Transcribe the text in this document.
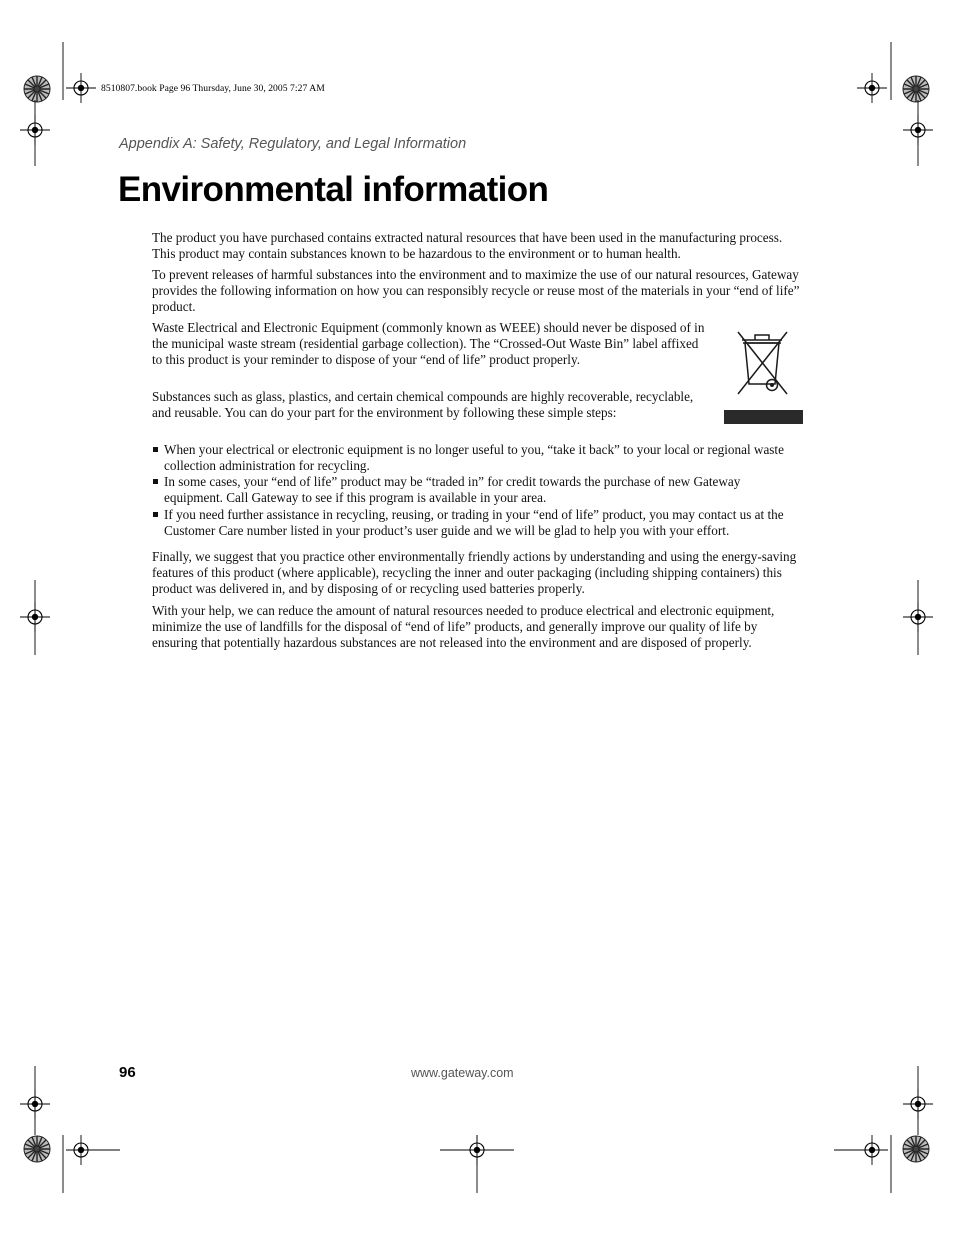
8510807.book Page 96 Thursday, June 30, 2005 7:27 AM
Appendix A: Safety, Regulatory, and Legal Information
Environmental information
The product you have purchased contains extracted natural resources that have been used in the manufacturing process. This product may contain substances known to be hazardous to the environment or to human health.
To prevent releases of harmful substances into the environment and to maximize the use of our natural resources, Gateway provides the following information on how you can responsibly recycle or reuse most of the materials in your “end of life” product.
Waste Electrical and Electronic Equipment (commonly known as WEEE) should never be disposed of in the municipal waste stream (residential garbage collection). The “Crossed-Out Waste Bin” label affixed to this product is your reminder to dispose of your “end of life” product properly.
Substances such as glass, plastics, and certain chemical compounds are highly recoverable, recyclable, and reusable. You can do your part for the environment by following these simple steps:
When your electrical or electronic equipment is no longer useful to you, “take it back” to your local or regional waste collection administration for recycling.
In some cases, your “end of life” product may be “traded in” for credit towards the purchase of new Gateway equipment. Call Gateway to see if this program is available in your area.
If you need further assistance in recycling, reusing, or trading in your “end of life” product, you may contact us at the Customer Care number listed in your product’s user guide and we will be glad to help you with your effort.
Finally, we suggest that you practice other environmentally friendly actions by understanding and using the energy-saving features of this product (where applicable), recycling the inner and outer packaging (including shipping containers) this product was delivered in, and by disposing of or recycling used batteries properly.
With your help, we can reduce the amount of natural resources needed to produce electrical and electronic equipment, minimize the use of landfills for the disposal of “end of life” products, and generally improve our quality of life by ensuring that potentially hazardous substances are not released into the environment and are disposed of properly.
96	www.gateway.com
